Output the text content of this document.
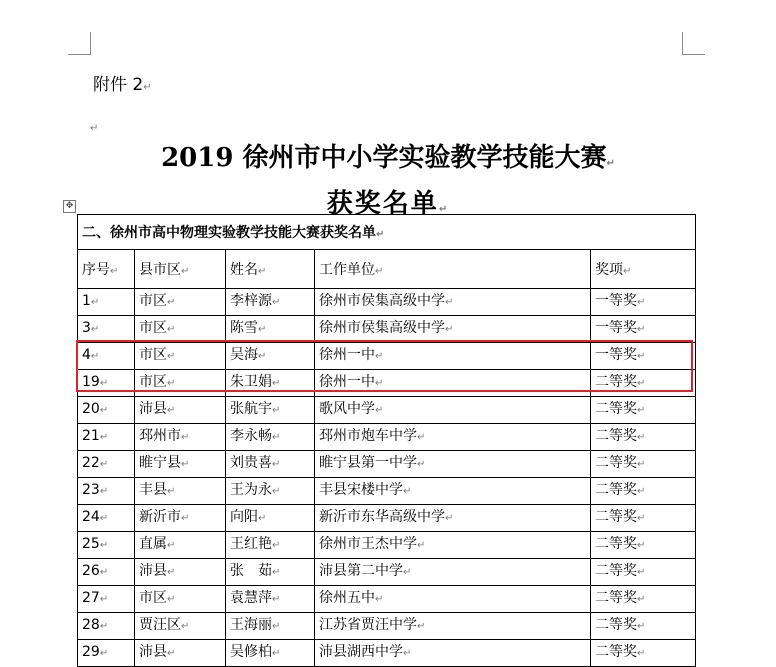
附件 2↵
↵
2019 徐州市中小学实验教学技能大赛↵
获奖名单↵
✥
二、徐州市高中物理实验教学技能大赛获奖名单↵				
序号↵	县市区↵	姓名↵	工作单位↵	奖项↵
1↵	市区↵	李梓源↵	徐州市侯集高级中学↵	一等奖↵
3↵	市区↵	陈雪↵	徐州市侯集高级中学↵	一等奖↵
4↵	市区↵	吴海↵	徐州一中↵	一等奖↵
19↵	市区↵	朱卫娟↵	徐州一中↵	二等奖↵
20↵	沛县↵	张航宇↵	歌风中学↵	二等奖↵
21↵	邳州市↵	李永畅↵	邳州市炮车中学↵	二等奖↵
22↵	睢宁县↵	刘贵喜↵	睢宁县第一中学↵	二等奖↵
23↵	丰县↵	王为永↵	丰县宋楼中学↵	二等奖↵
24↵	新沂市↵	向阳↵	新沂市东华高级中学↵	二等奖↵
25↵	直属↵	王红艳↵	徐州市王杰中学↵	二等奖↵
26↵	沛县↵	张　茹↵	沛县第二中学↵	二等奖↵
27↵	市区↵	袁慧萍↵	徐州五中↵	二等奖↵
28↵	贾汪区↵	王海丽↵	江苏省贾汪中学↵	二等奖↵
29↵	沛县↵	吴修柏↵	沛县湖西中学↵	二等奖↵
